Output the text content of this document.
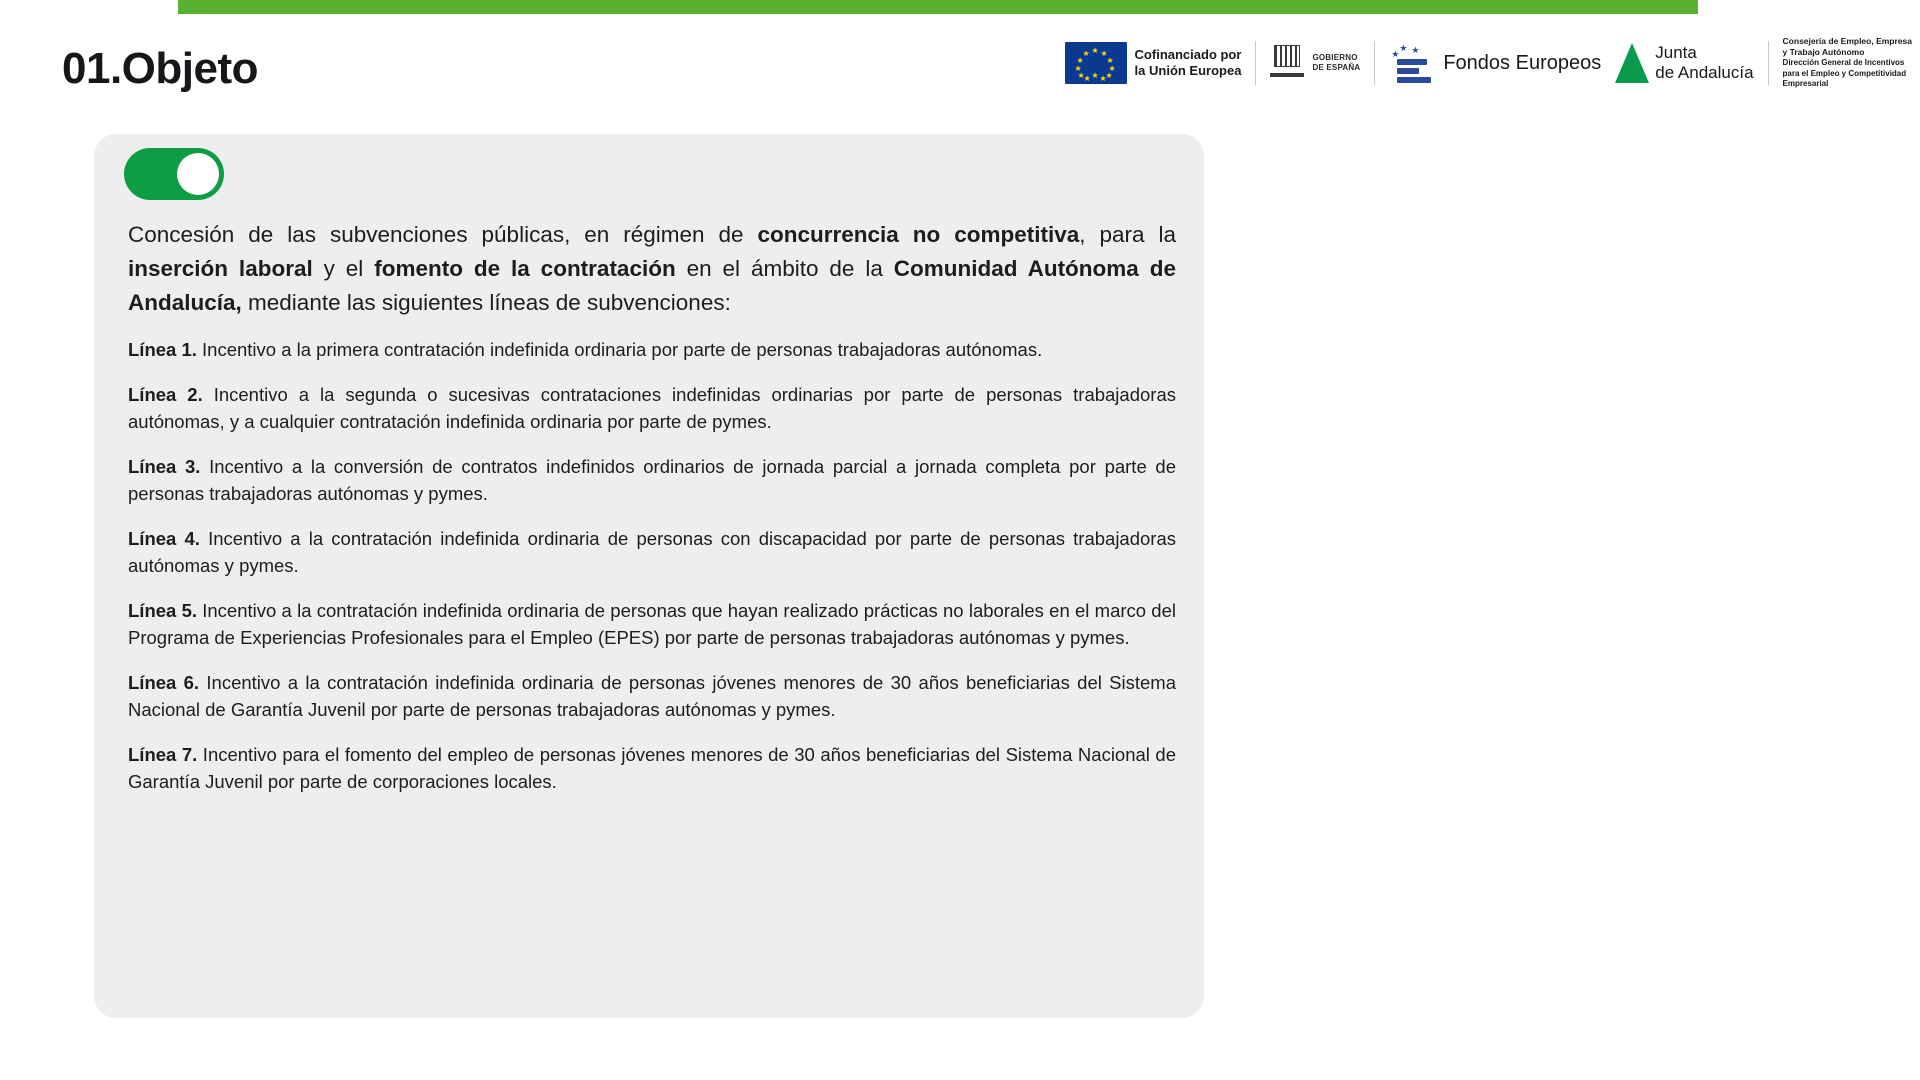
01.Objeto	★
★ ★
★	★
★	★
★	★
★ ★
★
Cofinanciado por
la Unión Europea
GOBIERNO
DE ESPAÑA
★ ★
★ Fondos Europeos	Junta
de Andalucía
Consejería de Empleo, Empresa
y Trabajo Autónomo
Dirección General de Incentivos
para el Empleo y Competitividad
Empresarial

Concesión de las subvenciones públicas, en régimen de concurrencia no competitiva, para la inserción laboral y el fomento de la contratación en el ámbito de la Comunidad Autónoma de Andalucía, mediante las siguientes líneas de subvenciones:

Línea 1. Incentivo a la primera contratación indefinida ordinaria por parte de personas trabajadoras autónomas.

Línea 2. Incentivo a la segunda o sucesivas contrataciones indefinidas ordinarias por parte de personas trabajadoras autónomas, y a cualquier contratación indefinida ordinaria por parte de pymes.

Línea 3. Incentivo a la conversión de contratos indefinidos ordinarios de jornada parcial a jornada completa por parte de personas trabajadoras autónomas y pymes.

Línea 4. Incentivo a la contratación indefinida ordinaria de personas con discapacidad por parte de personas trabajadoras autónomas y pymes.

Línea 5. Incentivo a la contratación indefinida ordinaria de personas que hayan realizado prácticas no laborales en el marco del Programa de Experiencias Profesionales para el Empleo (EPES) por parte de personas trabajadoras autónomas y pymes.

Línea 6. Incentivo a la contratación indefinida ordinaria de personas jóvenes menores de 30 años beneficiarias del Sistema Nacional de Garantía Juvenil por parte de personas trabajadoras autónomas y pymes.

Línea 7. Incentivo para el fomento del empleo de personas jóvenes menores de 30 años beneficiarias del Sistema Nacional de Garantía Juvenil por parte de corporaciones locales.
